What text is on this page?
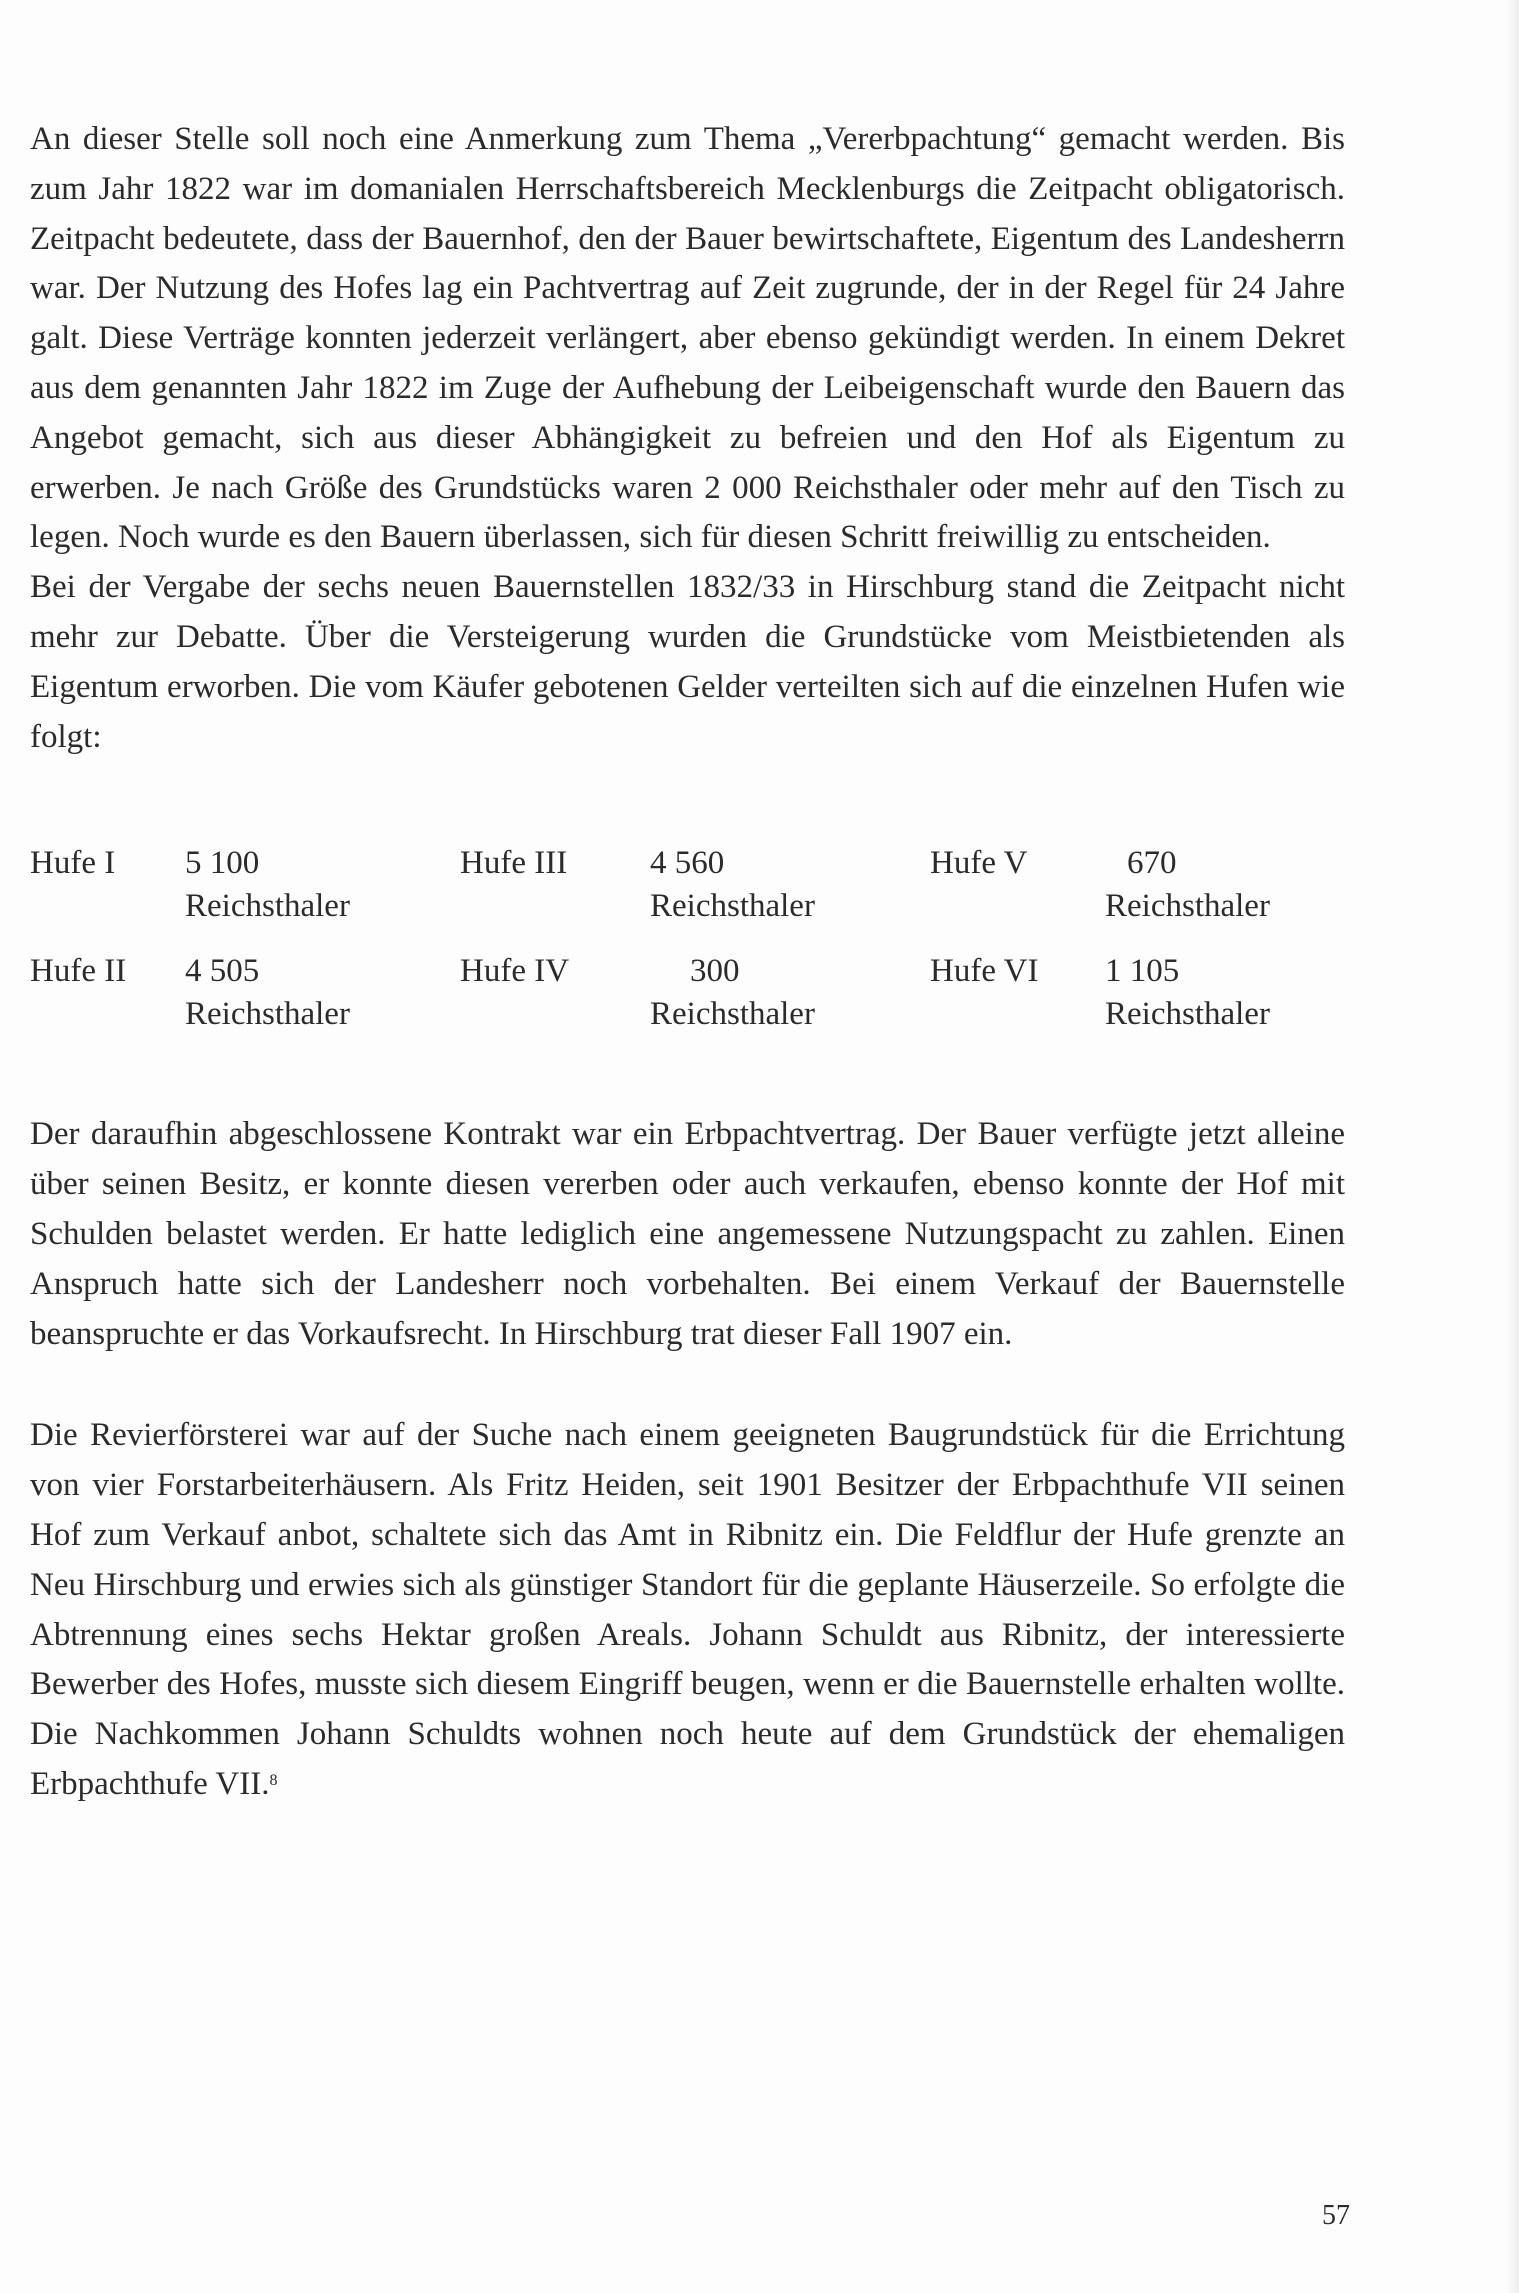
An dieser Stelle soll noch eine Anmerkung zum Thema „Vererbpachtung“ gemacht werden. Bis zum Jahr 1822 war im domanialen Herrschaftsbereich Mecklenburgs die Zeitpacht obligatorisch. Zeitpacht bedeutete, dass der Bauernhof, den der Bauer bewirtschaftete, Eigentum des Landesherrn war. Der Nutzung des Hofes lag ein Pachtvertrag auf Zeit zugrunde, der in der Regel für 24 Jahre galt. Diese Verträge konnten jederzeit verlängert, aber ebenso gekündigt werden. In einem Dekret aus dem genannten Jahr 1822 im Zuge der Aufhebung der Leibeigenschaft wurde den Bauern das Angebot gemacht, sich aus dieser Abhängigkeit zu befreien und den Hof als Eigentum zu erwerben. Je nach Größe des Grundstücks waren 2 000 Reichsthaler oder mehr auf den Tisch zu legen. Noch wurde es den Bauern überlassen, sich für diesen Schritt freiwillig zu entscheiden.

Bei der Vergabe der sechs neuen Bauernstellen 1832/33 in Hirschburg stand die Zeitpacht nicht mehr zur Debatte. Über die Versteigerung wurden die Grundstücke vom Meistbietenden als Eigentum erworben. Die vom Käufer gebotenen Gelder verteilten sich auf die einzelnen Hufen wie folgt:

Hufe I	5 100
Reichsthaler
Hufe III	4 560
Reichsthaler
Hufe V	670
Reichsthaler
Hufe II	4 505
Reichsthaler
Hufe IV	300
Reichsthaler
Hufe VI	1 105
Reichsthaler

Der daraufhin abgeschlossene Kontrakt war ein Erbpachtvertrag. Der Bauer verfügte jetzt alleine über seinen Besitz, er konnte diesen vererben oder auch verkaufen, ebenso konnte der Hof mit Schulden belastet werden. Er hatte lediglich eine angemessene Nutzungspacht zu zahlen. Einen Anspruch hatte sich der Landesherr noch vorbehalten. Bei einem Verkauf der Bauernstelle beanspruchte er das Vorkaufsrecht. In Hirschburg trat dieser Fall 1907 ein.

Die Revierförsterei war auf der Suche nach einem geeigneten Baugrundstück für die Errichtung von vier Forstarbeiterhäusern. Als Fritz Heiden, seit 1901 Besitzer der Erbpachthufe VII seinen Hof zum Verkauf anbot, schaltete sich das Amt in Ribnitz ein. Die Feldflur der Hufe grenzte an Neu Hirschburg und erwies sich als günstiger Standort für die geplante Häuserzeile. So erfolgte die Abtrennung eines sechs Hektar großen Areals. Johann Schuldt aus Ribnitz, der interessierte Bewerber des Hofes, musste sich diesem Eingriff beugen, wenn er die Bauernstelle erhalten wollte. Die Nachkommen Johann Schuldts wohnen noch heute auf dem Grundstück der ehemaligen Erbpachthufe VII.$^8$

57
